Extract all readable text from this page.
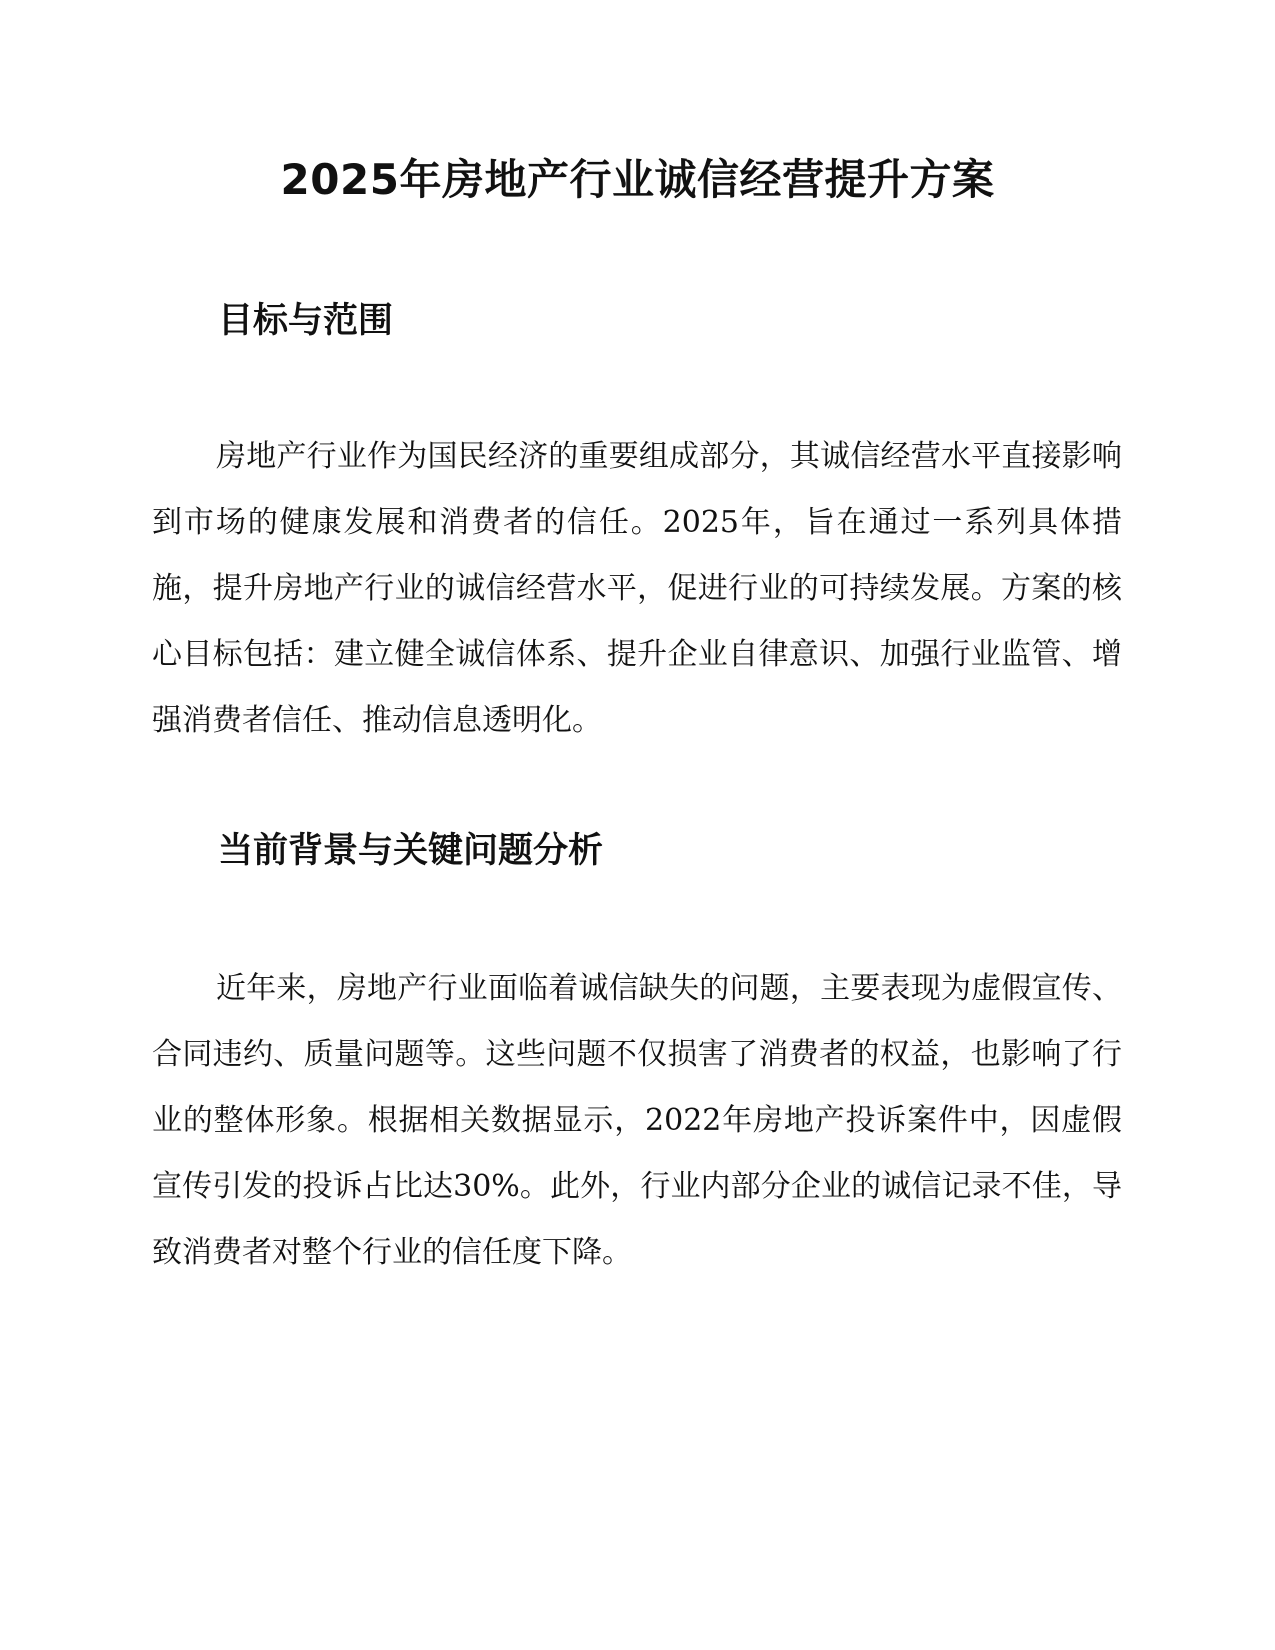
2025年房地产行业诚信经营提升方案
目标与范围

房地产行业作为国民经济的重要组成部分，其诚信经营水平直接影响到市场的健康发展和消费者的信任。2025年，旨在通过一系列具体措施，提升房地产行业的诚信经营水平，促进行业的可持续发展。方案的核心目标包括：建立健全诚信体系、提升企业自律意识、加强行业监管、增强消费者信任、推动信息透明化。

当前背景与关键问题分析

近年来，房地产行业面临着诚信缺失的问题，主要表现为虚假宣传、合同违约、质量问题等。这些问题不仅损害了消费者的权益，也影响了行业的整体形象。根据相关数据显示，2022年房地产投诉案件中，因虚假宣传引发的投诉占比达30%。此外，行业内部分企业的诚信记录不佳，导致消费者对整个行业的信任度下降。
